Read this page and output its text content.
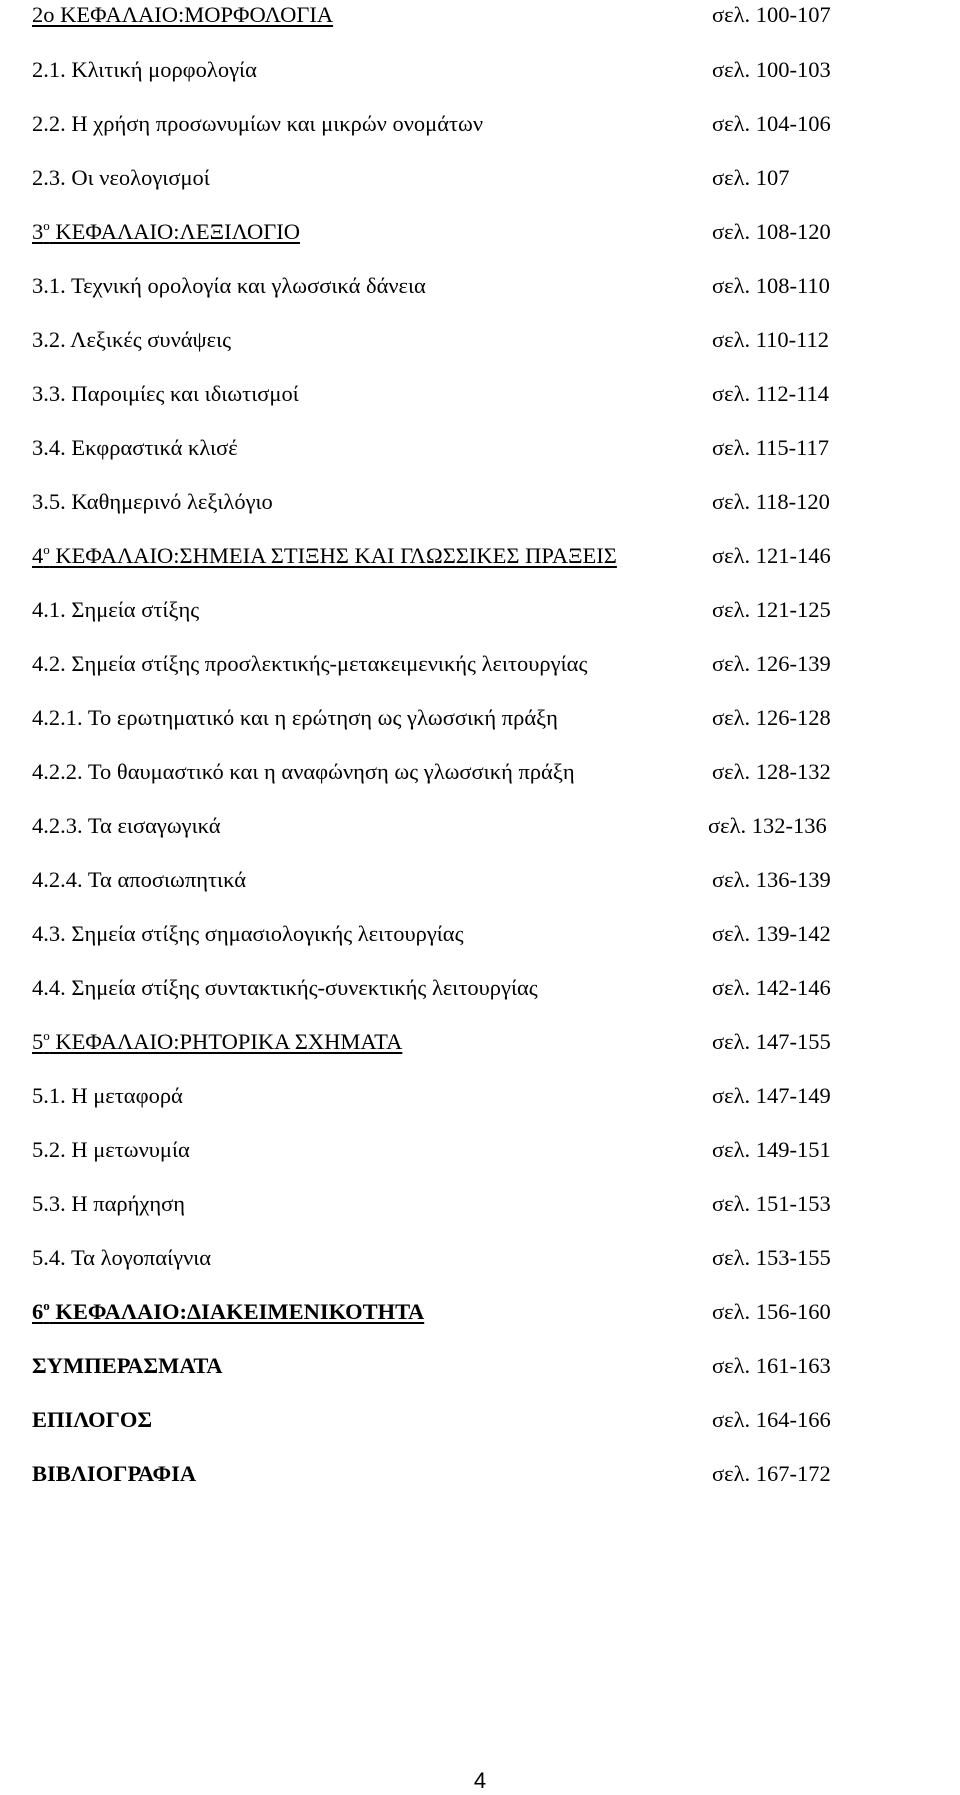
2ο ΚΕΦΑΛΑΙΟ:ΜΟΡΦΟΛΟΓΙΑ	σελ. 100-107
2.1. Κλιτική μορφολογία	σελ. 100-103
2.2. Η χρήση προσωνυμίων και μικρών ονομάτων	σελ. 104-106
2.3. Οι νεολογισμοί	σελ. 107
$3^o$ ΚΕΦΑΛΑΙΟ:ΛΕΞΙΛΟΓΙΟ	σελ. 108-120
3.1. Τεχνική ορολογία και γλωσσικά δάνεια	σελ. 108-110
3.2. Λεξικές συνάψεις	σελ. 110-112
3.3. Παροιμίες και ιδιωτισμοί	σελ. 112-114
3.4. Εκφραστικά κλισέ	σελ. 115-117
3.5. Καθημερινό λεξιλόγιο	σελ. 118-120
$4^o$ ΚΕΦΑΛΑΙΟ:ΣΗΜΕΙΑ ΣΤΙΞΗΣ ΚΑΙ ΓΛΩΣΣΙΚΕΣ ΠΡΑΞΕΙΣ	σελ. 121-146
4.1. Σημεία στίξης	σελ. 121-125
4.2. Σημεία στίξης προσλεκτικής-μετακειμενικής λειτουργίας	σελ. 126-139
4.2.1. Το ερωτηματικό και η ερώτηση ως γλωσσική πράξη	σελ. 126-128
4.2.2. Το θαυμαστικό και η αναφώνηση ως γλωσσική πράξη	σελ. 128-132
4.2.3. Τα εισαγωγικά	σελ. 132-136
4.2.4. Τα αποσιωπητικά	σελ. 136-139
4.3. Σημεία στίξης σημασιολογικής λειτουργίας	σελ. 139-142
4.4. Σημεία στίξης συντακτικής-συνεκτικής λειτουργίας	σελ. 142-146
$5^o$ ΚΕΦΑΛΑΙΟ:ΡΗΤΟΡΙΚΑ ΣΧΗΜΑΤΑ	σελ. 147-155
5.1. Η μεταφορά	σελ. 147-149
5.2. Η μετωνυμία	σελ. 149-151
5.3. Η παρήχηση	σελ. 151-153
5.4. Τα λογοπαίγνια	σελ. 153-155
$6^o$ ΚΕΦΑΛΑΙΟ:ΔΙΑΚΕΙΜΕΝΙΚΟΤΗΤΑ	σελ. 156-160
ΣΥΜΠΕΡΑΣΜΑΤΑ	σελ. 161-163
ΕΠΙΛΟΓΟΣ	σελ. 164-166
ΒΙΒΛΙΟΓΡΑΦΙΑ	σελ. 167-172
4
